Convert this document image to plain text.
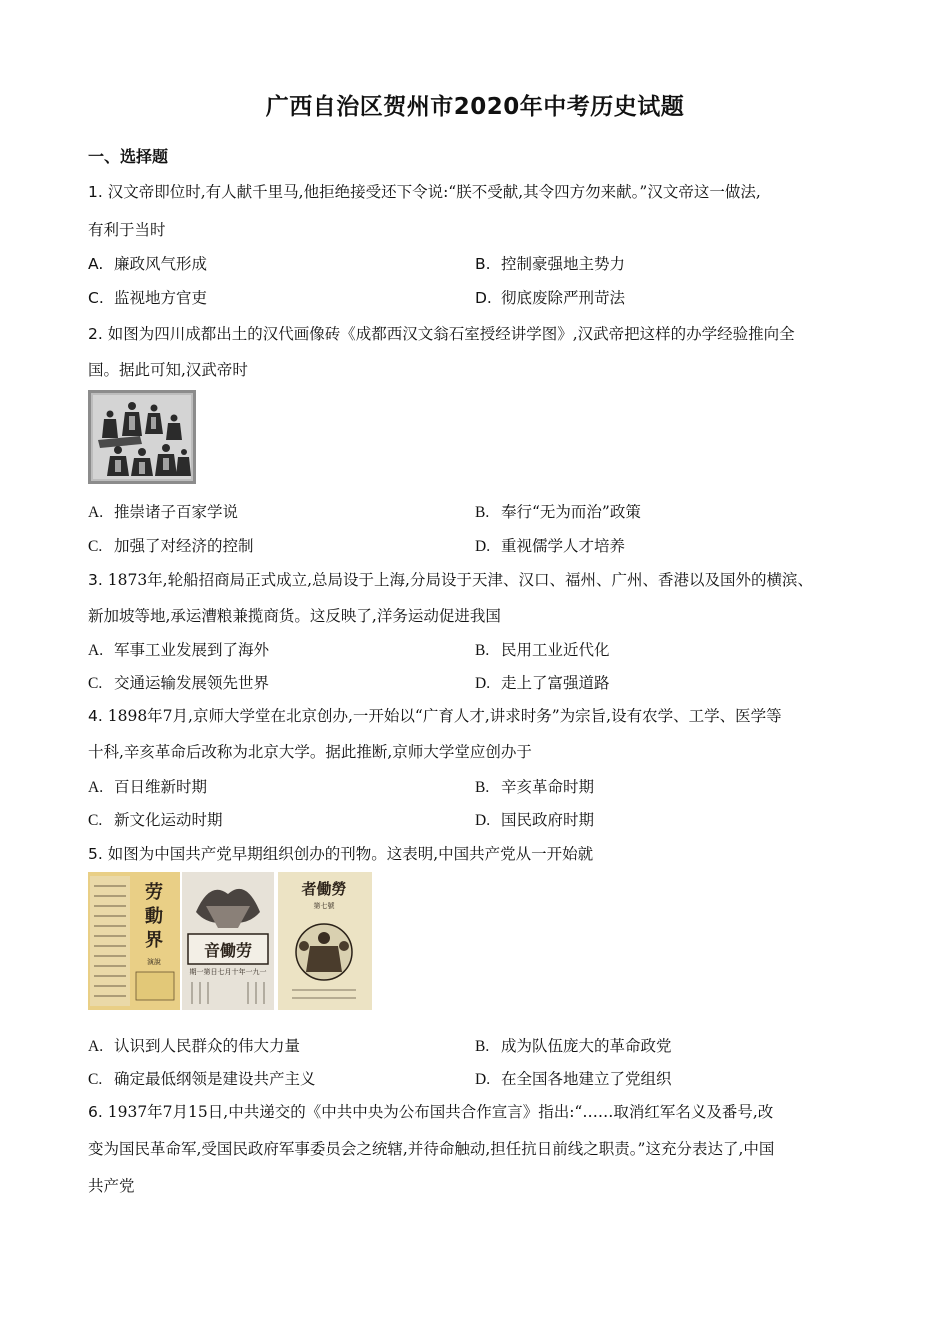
广西自治区贺州市2020年中考历史试题
一、选择题
1. 汉文帝即位时,有人献千里马,他拒绝接受还下令说:“朕不受献,其令四方勿来献。”汉文帝这一做法,
有利于当时
A. 廉政风气形成	B. 控制豪强地主势力
C. 监视地方官吏	D. 彻底废除严刑苛法
2. 如图为四川成都出土的汉代画像砖《成都西汉文翁石室授经讲学图》,汉武帝把这样的办学经验推向全
国。据此可知,汉武帝时
A. 推崇诸子百家学说	B. 奉行“无为而治”政策
C. 加强了对经济的控制	D. 重视儒学人才培养
3. 1873年,轮船招商局正式成立,总局设于上海,分局设于天津、汉口、福州、广州、香港以及国外的横滨、
新加坡等地,承运漕粮兼揽商货。这反映了,洋务运动促进我国
A. 军事工业发展到了海外	B. 民用工业近代化
C. 交通运输发展领先世界	D. 走上了富强道路
4. 1898年7月,京师大学堂在北京创办,一开始以“广育人才,讲求时务”为宗旨,设有农学、工学、医学等
十科,辛亥革命后改称为北京大学。据此推断,京师大学堂应创办于
A. 百日维新时期	B. 辛亥革命时期
C. 新文化运动时期	D. 国民政府时期
5. 如图为中国共产党早期组织创办的刊物。这表明,中国共产党从一开始就
劳
動
界
演說
音働劳
期一第日七月十年一九一
者働勞
第七號
A. 认识到人民群众的伟大力量	B. 成为队伍庞大的革命政党
C. 确定最低纲领是建设共产主义	D. 在全国各地建立了党组织
6. 1937年7月15日,中共递交的《中共中央为公布国共合作宣言》指出:“……取消红军名义及番号,改
变为国民革命军,受国民政府军事委员会之统辖,并待命触动,担任抗日前线之职责。”这充分表达了,中国
共产党
